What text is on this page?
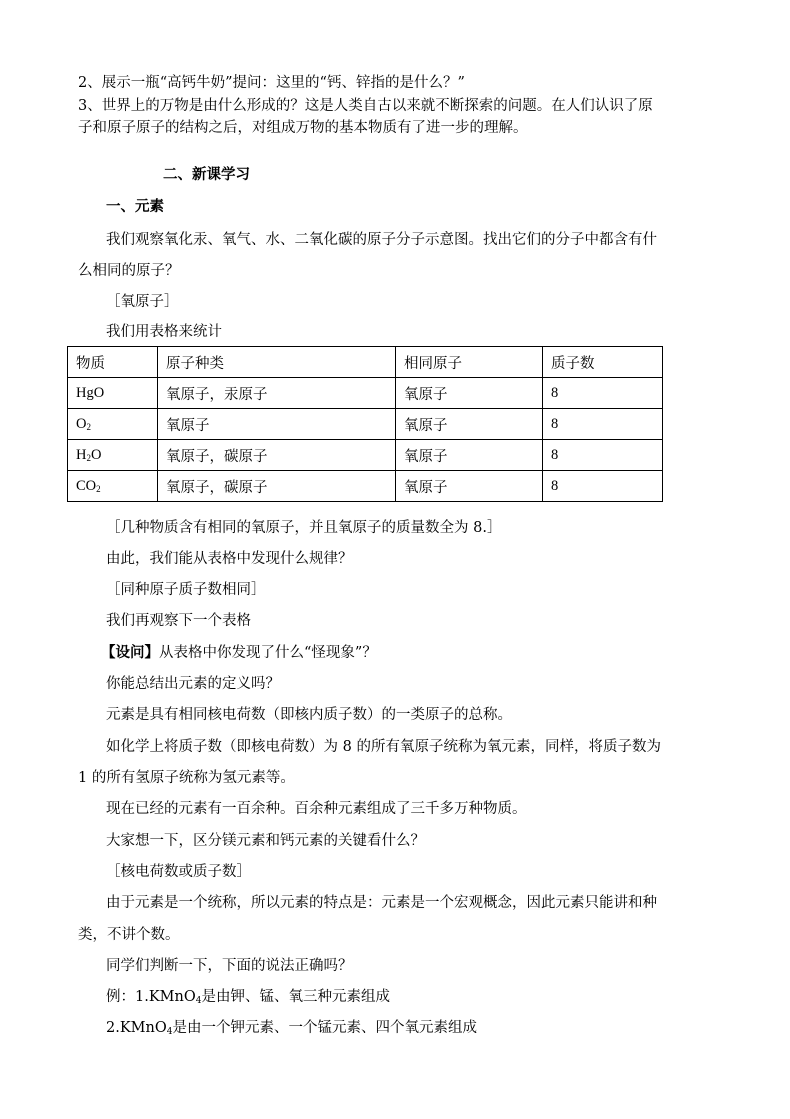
2、展示一瓶“高钙牛奶”提问：这里的“钙、锌指的是什么？”
3、世界上的万物是由什么形成的？这是人类自古以来就不断探索的问题。在人们认识了原
子和原子原子的结构之后，对组成万物的基本物质有了进一步的理解。
二、新课学习
一、元素
我们观察氧化汞、氧气、水、二氧化碳的原子分子示意图。找出它们的分子中都含有什
么相同的原子？
［氧原子］
我们用表格来统计
物质	原子种类	相同原子	质子数
HgO	氧原子，汞原子	氧原子	8
$O_2$	氧原子	氧原子	8
$H_2O$	氧原子，碳原子	氧原子	8
$CO_2$	氧原子，碳原子	氧原子	8
［几种物质含有相同的氧原子，并且氧原子的质量数全为 8.］
由此，我们能从表格中发现什么规律？
［同种原子质子数相同］
我们再观察下一个表格
【设问】从表格中你发现了什么“怪现象”？
你能总结出元素的定义吗？
元素是具有相同核电荷数（即核内质子数）的一类原子的总称。
如化学上将质子数（即核电荷数）为 8 的所有氧原子统称为氧元素，同样，将质子数为
1 的所有氢原子统称为氢元素等。
现在已经的元素有一百余种。百余种元素组成了三千多万种物质。
大家想一下，区分镁元素和钙元素的关键看什么？
［核电荷数或质子数］
由于元素是一个统称，所以元素的特点是：元素是一个宏观概念，因此元素只能讲和种
类，不讲个数。
同学们判断一下，下面的说法正确吗？
例：1.KMnO$_4$是由钾、锰、氧三种元素组成
2.KMnO$_4$是由一个钾元素、一个锰元素、四个氧元素组成
